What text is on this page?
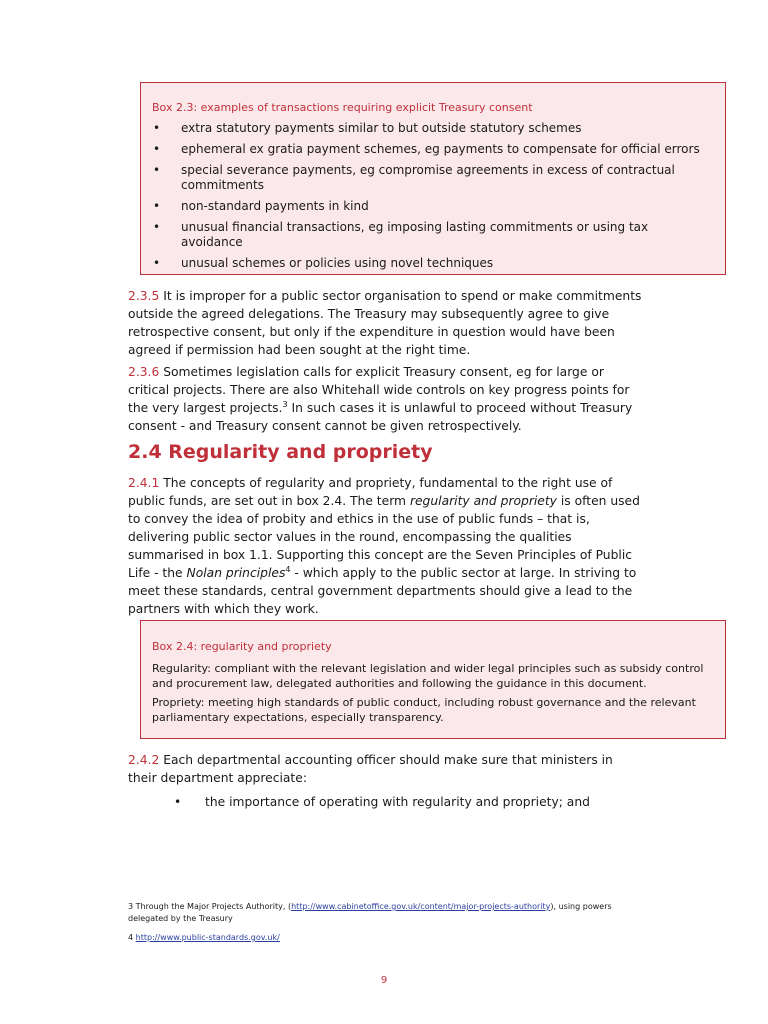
Box 2.3: examples of transactions requiring explicit Treasury consent
• extra statutory payments similar to but outside statutory schemes
• ephemeral ex gratia payment schemes, eg payments to compensate for official errors
• special severance payments, eg compromise agreements in excess of contractual commitments
• non-standard payments in kind
• unusual financial transactions, eg imposing lasting commitments or using tax avoidance
• unusual schemes or policies using novel techniques

2.3.5 It is improper for a public sector organisation to spend or make commitments outside the agreed delegations. The Treasury may subsequently agree to give retrospective consent, but only if the expenditure in question would have been agreed if permission had been sought at the right time.

2.3.6 Sometimes legislation calls for explicit Treasury consent, eg for large or critical projects. There are also Whitehall wide controls on key progress points for the very largest projects.$^3$ In such cases it is unlawful to proceed without Treasury consent - and Treasury consent cannot be given retrospectively.

2.4 Regularity and propriety

2.4.1 The concepts of regularity and propriety, fundamental to the right use of public funds, are set out in box 2.4. The term regularity and propriety is often used to convey the idea of probity and ethics in the use of public funds – that is, delivering public sector values in the round, encompassing the qualities summarised in box 1.1. Supporting this concept are the Seven Principles of Public Life - the Nolan principles$^4$ - which apply to the public sector at large. In striving to meet these standards, central government departments should give a lead to the partners with which they work.

Box 2.4: regularity and propriety
Regularity: compliant with the relevant legislation and wider legal principles such as subsidy control and procurement law, delegated authorities and following the guidance in this document.
Propriety: meeting high standards of public conduct, including robust governance and the relevant parliamentary expectations, especially transparency.

2.4.2 Each departmental accounting officer should make sure that ministers in their department appreciate:

• the importance of operating with regularity and propriety; and
3 Through the Major Projects Authority, (http://www.cabinetoffice.gov.uk/content/major-projects-authority), using powers delegated by the Treasury
4 http://www.public-standards.gov.uk/
9
